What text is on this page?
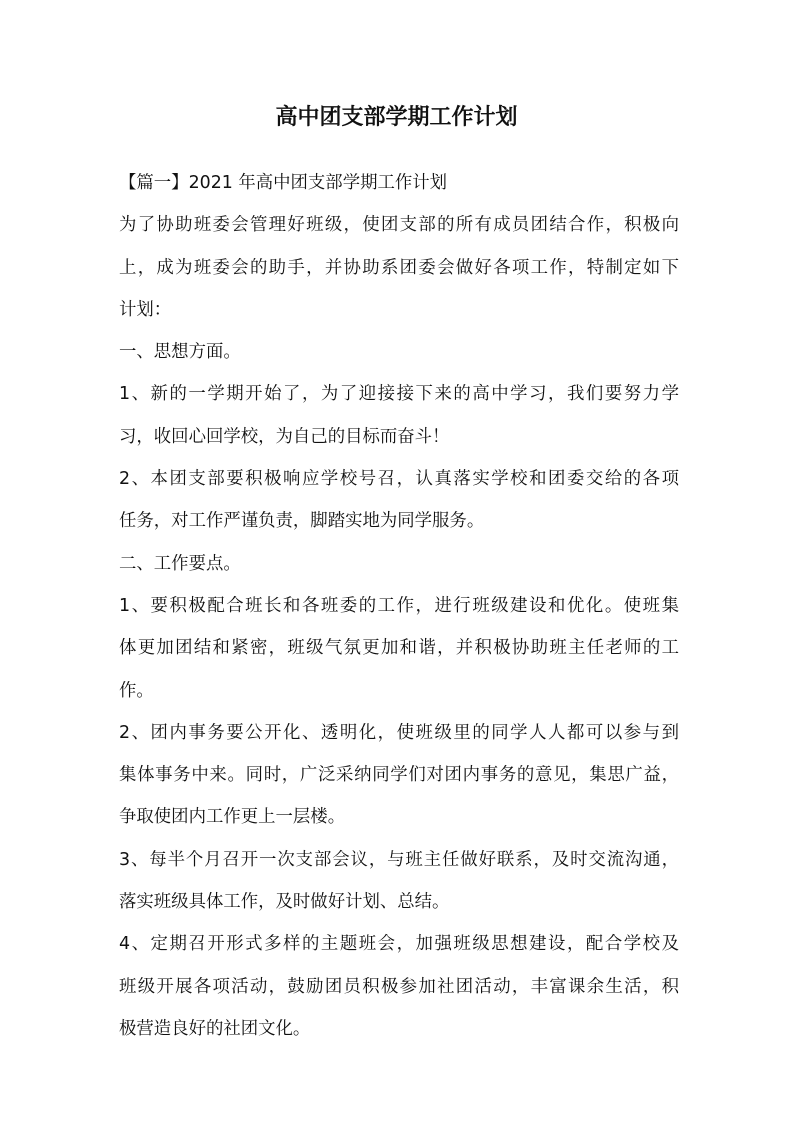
高中团支部学期工作计划
【篇一】2021 年高中团支部学期工作计划
为了协助班委会管理好班级，使团支部的所有成员团结合作，积极向
上，成为班委会的助手，并协助系团委会做好各项工作，特制定如下
计划：
一、思想方面。
1、新的一学期开始了，为了迎接接下来的高中学习，我们要努力学
习，收回心回学校，为自己的目标而奋斗！
2、本团支部要积极响应学校号召，认真落实学校和团委交给的各项
任务，对工作严谨负责，脚踏实地为同学服务。
二、工作要点。
1、要积极配合班长和各班委的工作，进行班级建设和优化。使班集
体更加团结和紧密，班级气氛更加和谐，并积极协助班主任老师的工
作。
2、团内事务要公开化、透明化，使班级里的同学人人都可以参与到
集体事务中来。同时，广泛采纳同学们对团内事务的意见，集思广益，
争取使团内工作更上一层楼。
3、每半个月召开一次支部会议，与班主任做好联系，及时交流沟通，
落实班级具体工作，及时做好计划、总结。
4、定期召开形式多样的主题班会，加强班级思想建设，配合学校及
班级开展各项活动，鼓励团员积极参加社团活动，丰富课余生活，积
极营造良好的社团文化。
